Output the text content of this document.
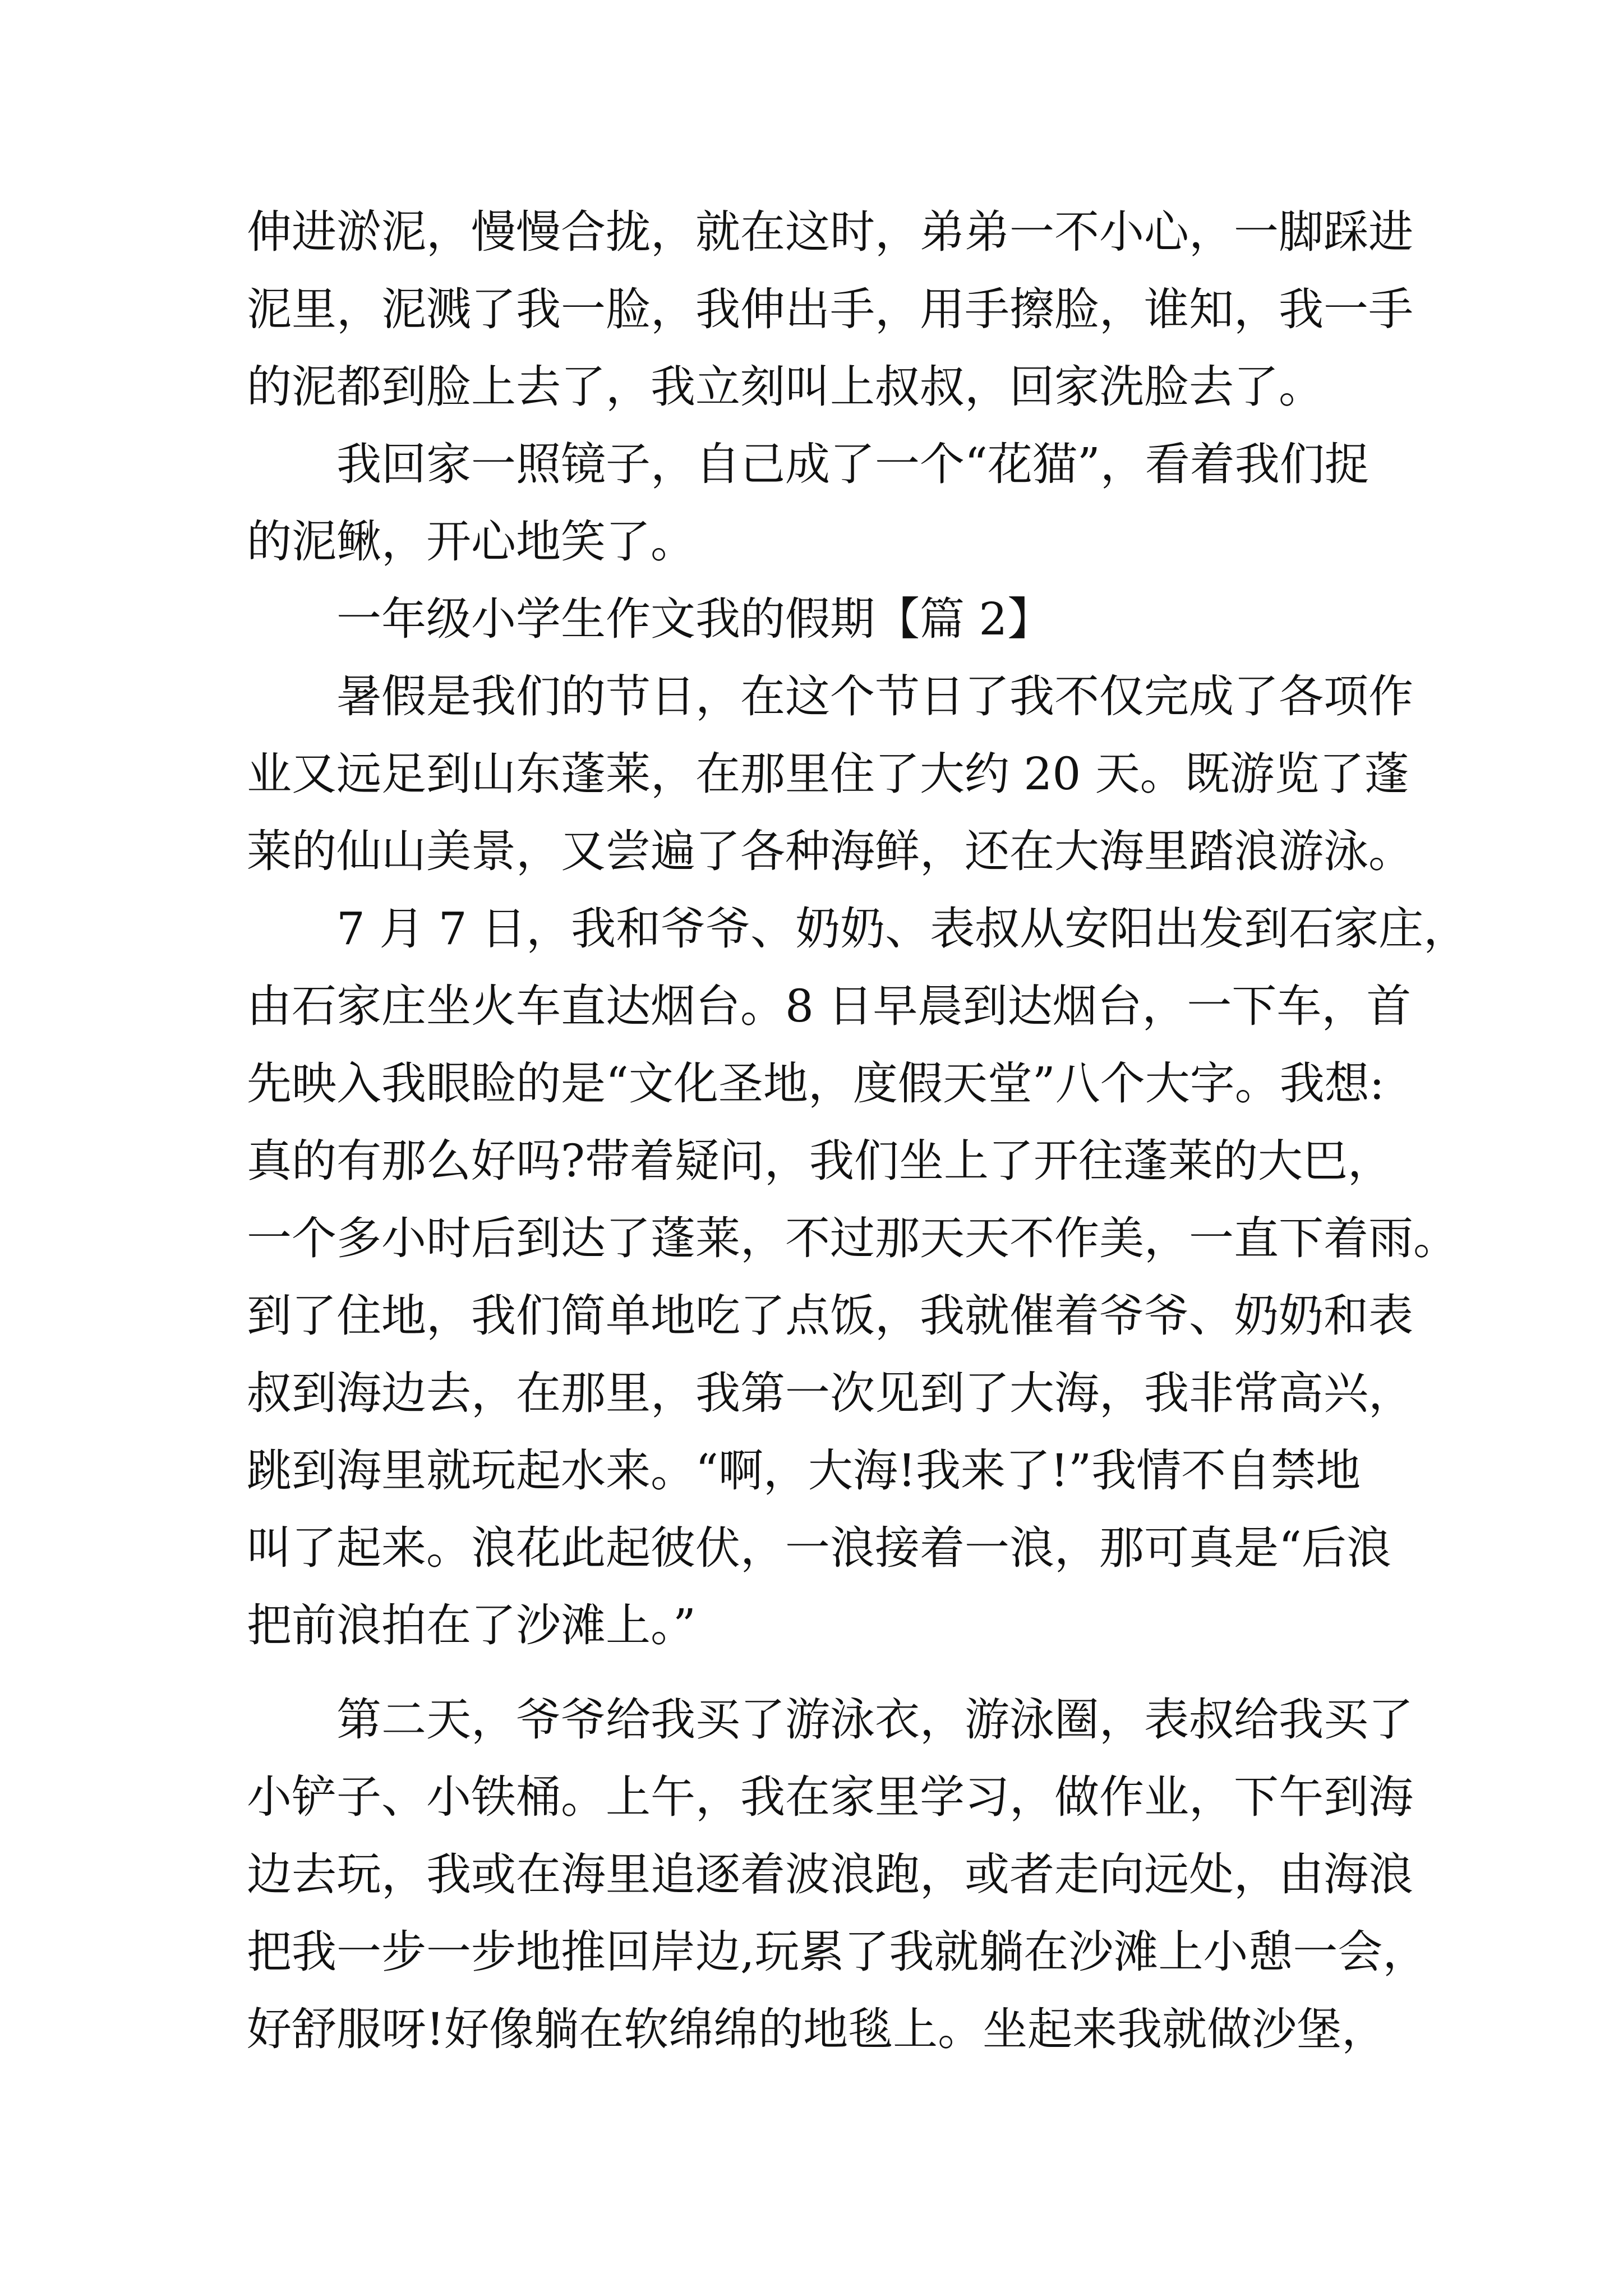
伸进淤泥，慢慢合拢，就在这时，弟弟一不小心，一脚踩进
泥里，泥溅了我一脸，我伸出手，用手擦脸，谁知，我一手
的泥都到脸上去了，我立刻叫上叔叔，回家洗脸去了。
　　我回家一照镜子，自己成了一个“花猫”，看着我们捉
的泥鳅，开心地笑了。
　　一年级小学生作文我的假期【篇 2】
　　暑假是我们的节日，在这个节日了我不仅完成了各项作
业又远足到山东蓬莱，在那里住了大约 20 天。既游览了蓬
莱的仙山美景，又尝遍了各种海鲜，还在大海里踏浪游泳。
　　7 月 7 日，我和爷爷、奶奶、表叔从安阳出发到石家庄，
由石家庄坐火车直达烟台。8 日早晨到达烟台，一下车，首
先映入我眼睑的是“文化圣地，度假天堂”八个大字。我想:
真的有那么好吗?带着疑问，我们坐上了开往蓬莱的大巴，
一个多小时后到达了蓬莱，不过那天天不作美，一直下着雨。
到了住地，我们简单地吃了点饭，我就催着爷爷、奶奶和表
叔到海边去，在那里，我第一次见到了大海，我非常高兴，
跳到海里就玩起水来。“啊，大海!我来了!”我情不自禁地
叫了起来。浪花此起彼伏，一浪接着一浪，那可真是“后浪
把前浪拍在了沙滩上。”
　　第二天，爷爷给我买了游泳衣，游泳圈，表叔给我买了
小铲子、小铁桶。上午，我在家里学习，做作业，下午到海
边去玩，我或在海里追逐着波浪跑，或者走向远处，由海浪
把我一步一步地推回岸边,玩累了我就躺在沙滩上小憩一会，
好舒服呀!好像躺在软绵绵的地毯上。坐起来我就做沙堡，
